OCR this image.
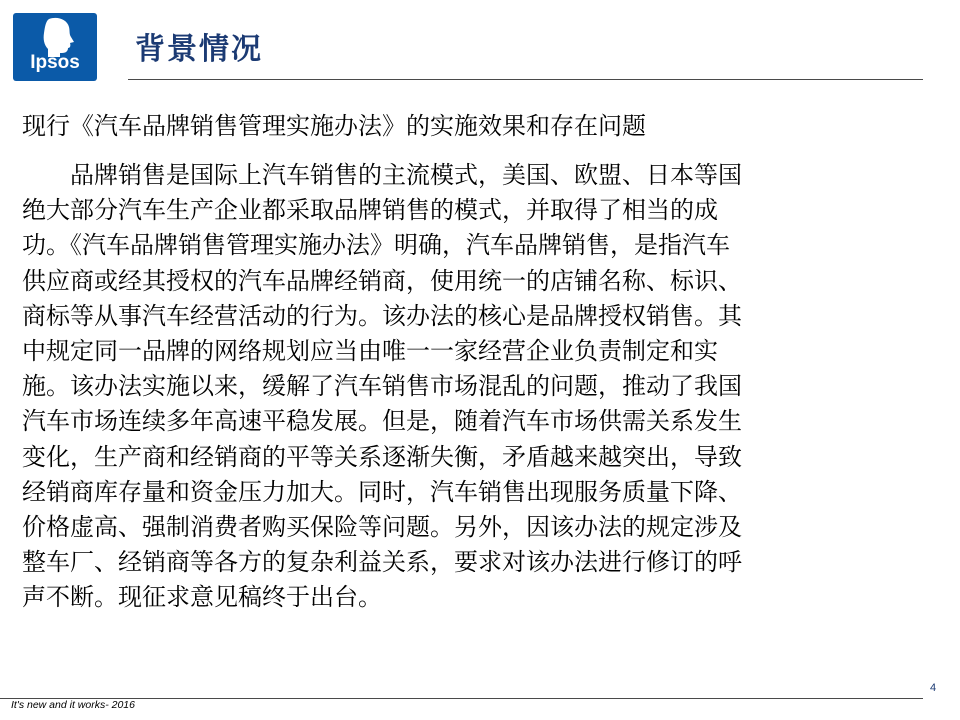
Ipsos	背景情况
现行《汽车品牌销售管理实施办法》的实施效果和存在问题
　　品牌销售是国际上汽车销售的主流模式，美国、欧盟、日本等国
绝大部分汽车生产企业都采取品牌销售的模式，并取得了相当的成
功。《汽车品牌销售管理实施办法》明确，汽车品牌销售，是指汽车
供应商或经其授权的汽车品牌经销商，使用统一的店铺名称、标识、
商标等从事汽车经营活动的行为。该办法的核心是品牌授权销售。其
中规定同一品牌的网络规划应当由唯一一家经营企业负责制定和实
施。该办法实施以来，缓解了汽车销售市场混乱的问题，推动了我国
汽车市场连续多年高速平稳发展。但是，随着汽车市场供需关系发生
变化，生产商和经销商的平等关系逐渐失衡，矛盾越来越突出，导致
经销商库存量和资金压力加大。同时，汽车销售出现服务质量下降、
价格虚高、强制消费者购买保险等问题。另外，因该办法的规定涉及
整车厂、经销商等各方的复杂利益关系，要求对该办法进行修订的呼
声不断。现征求意见稿终于出台。
4
It's new and it works- 2016
